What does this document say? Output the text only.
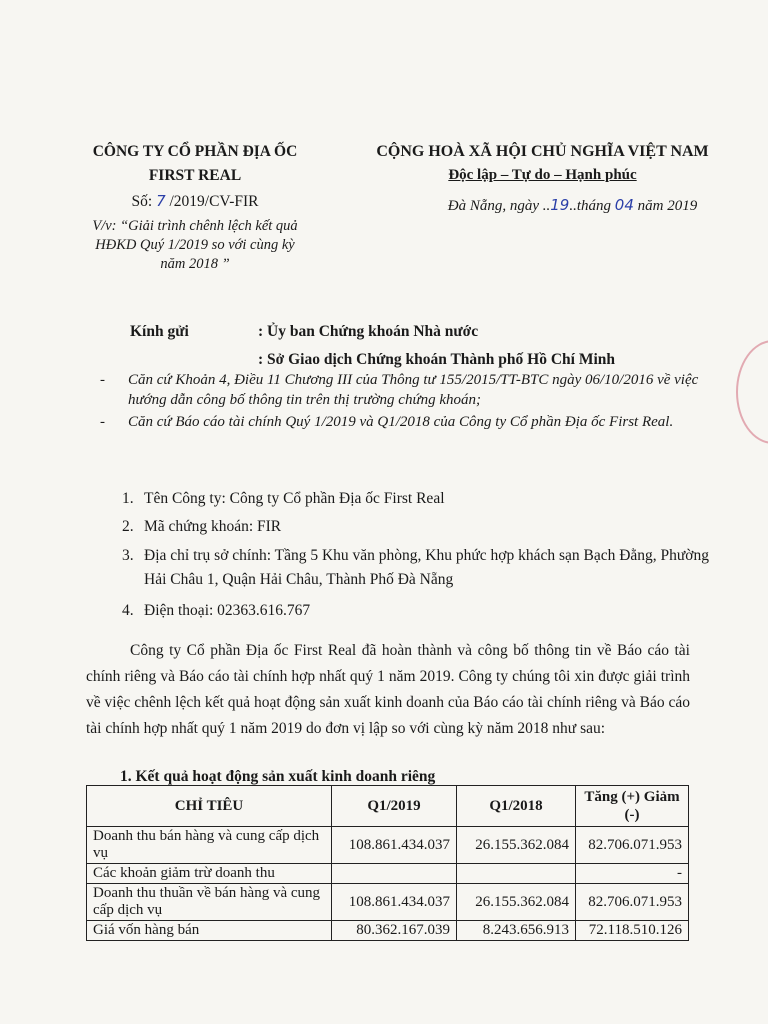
CÔNG TY CỔ PHẦN ĐỊA ỐC
FIRST REAL
Số: 7 /2019/CV-FIR
V/v: “Giải trình chênh lệch kết quả
HĐKD Quý 1/2019 so với cùng kỳ
năm 2018 ”
CỘNG HOÀ XÃ HỘI CHỦ NGHĨA VIỆT NAM
Độc lập – Tự do – Hạnh phúc
Đà Nẵng, ngày ..19..tháng 04 năm 2019
Kính gửi	: Ủy ban Chứng khoán Nhà nước
: Sở Giao dịch Chứng khoán Thành phố Hồ Chí Minh
-	Căn cứ Khoản 4, Điều 11 Chương III của Thông tư 155/2015/TT-BTC ngày 06/10/2016 về việc hướng dẫn công bố thông tin trên thị trường chứng khoán;
-	Căn cứ Báo cáo tài chính Quý 1/2019 và Q1/2018 của Công ty Cổ phần Địa ốc First Real.
1. Tên Công ty: Công ty Cổ phần Địa ốc First Real
2. Mã chứng khoán: FIR
3. Địa chỉ trụ sở chính: Tầng 5 Khu văn phòng, Khu phức hợp khách sạn Bạch Đằng, Phường Hải Châu 1, Quận Hải Châu, Thành Phố Đà Nẵng
4. Điện thoại: 02363.616.767
Công ty Cổ phần Địa ốc First Real đã hoàn thành và công bố thông tin về Báo cáo tài chính riêng và Báo cáo tài chính hợp nhất quý 1 năm 2019. Công ty chúng tôi xin được giải trình về việc chênh lệch kết quả hoạt động sản xuất kinh doanh của Báo cáo tài chính riêng và Báo cáo tài chính hợp nhất quý 1 năm 2019 do đơn vị lập so với cùng kỳ năm 2018 như sau:
1. Kết quả hoạt động sản xuất kinh doanh riêng
CHỈ TIÊU	Q1/2019	Q1/2018	Tăng (+) Giảm (-)
Doanh thu bán hàng và cung cấp dịch vụ	108.861.434.037	26.155.362.084	82.706.071.953
Các khoản giảm trừ doanh thu			-
Doanh thu thuần về bán hàng và cung cấp dịch vụ	108.861.434.037	26.155.362.084	82.706.071.953
Giá vốn hàng bán	80.362.167.039	8.243.656.913	72.118.510.126
